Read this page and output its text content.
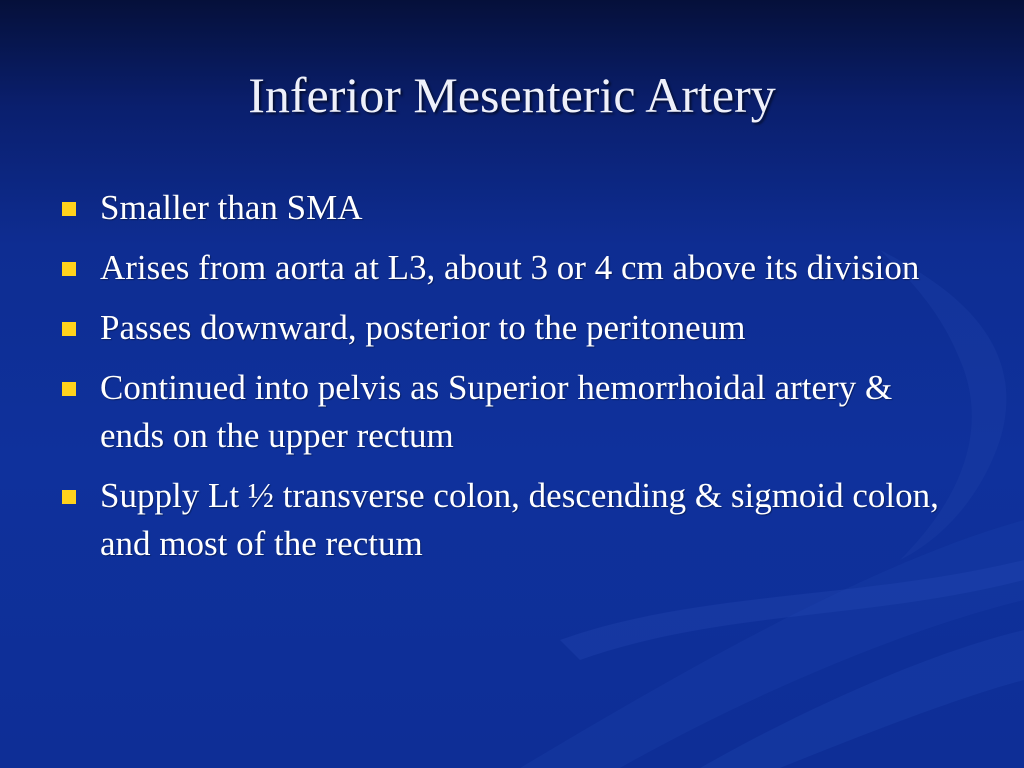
Inferior Mesenteric Artery
Smaller than SMA
Arises from aorta at L3, about 3 or 4 cm above its division
Passes downward, posterior to the peritoneum
Continued into pelvis as Superior hemorrhoidal artery & ends on the upper rectum
Supply Lt ½ transverse colon, descending & sigmoid colon, and most of the rectum
